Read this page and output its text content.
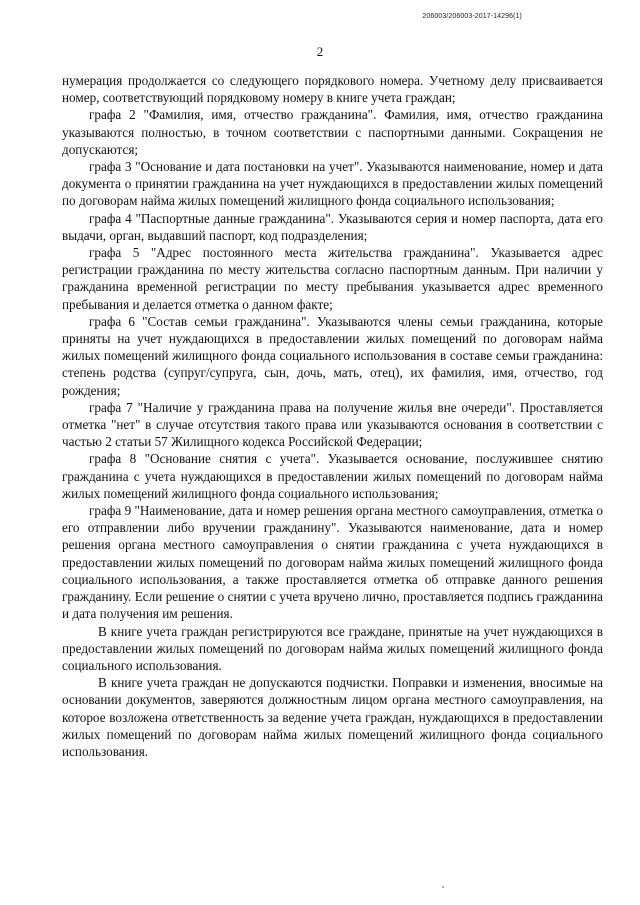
206003/206003-2017-14296(1)
2

нумерация продолжается со следующего порядкового номера. Учетному делу присваивается номер, соответствующий порядковому номеру в книге учета граждан;

графа 2 "Фамилия, имя, отчество гражданина". Фамилия, имя, отчество гражданина указываются полностью, в точном соответствии с паспортными данными. Сокращения не допускаются;

графа 3 "Основание и дата постановки на учет". Указываются наименование, номер и дата документа о принятии гражданина на учет нуждающихся в предоставлении жилых помещений по договорам найма жилых помещений жилищного фонда социального использования;

графа 4 "Паспортные данные гражданина". Указываются серия и номер паспорта, дата его выдачи, орган, выдавший паспорт, код подразделения;

графа 5 "Адрес постоянного места жительства гражданина". Указывается адрес регистрации гражданина по месту жительства согласно паспортным данным. При наличии у гражданина временной регистрации по месту пребывания указывается адрес временного пребывания и делается отметка о данном факте;

графа 6 "Состав семьи гражданина". Указываются члены семьи гражданина, которые приняты на учет нуждающихся в предоставлении жилых помещений по договорам найма жилых помещений жилищного фонда социального использования в составе семьи гражданина: степень родства (супруг/супруга, сын, дочь, мать, отец), их фамилия, имя, отчество, год рождения;

графа 7 "Наличие у гражданина права на получение жилья вне очереди". Проставляется отметка "нет" в случае отсутствия такого права или указываются основания в соответствии с частью 2 статьи 57 Жилищного кодекса Российской Федерации;

графа 8 "Основание снятия с учета". Указывается основание, послужившее снятию гражданина с учета нуждающихся в предоставлении жилых помещений по договорам найма жилых помещений жилищного фонда социального использования;

графа 9 "Наименование, дата и номер решения органа местного самоуправления, отметка о его отправлении либо вручении гражданину". Указываются наименование, дата и номер решения органа местного самоуправления о снятии гражданина с учета нуждающихся в предоставлении жилых помещений по договорам найма жилых помещений жилищного фонда социального использования, а также проставляется отметка об отправке данного решения гражданину. Если решение о снятии с учета вручено лично, проставляется подпись гражданина и дата получения им решения.

В книге учета граждан регистрируются все граждане, принятые на учет нуждающихся в предоставлении жилых помещений по договорам найма жилых помещений жилищного фонда социального использования.

В книге учета граждан не допускаются подчистки. Поправки и изменения, вносимые на основании документов, заверяются должностным лицом органа местного самоуправления, на которое возложена ответственность за ведение учета граждан, нуждающихся в предоставлении жилых помещений по договорам найма жилых помещений жилищного фонда социального использования.
